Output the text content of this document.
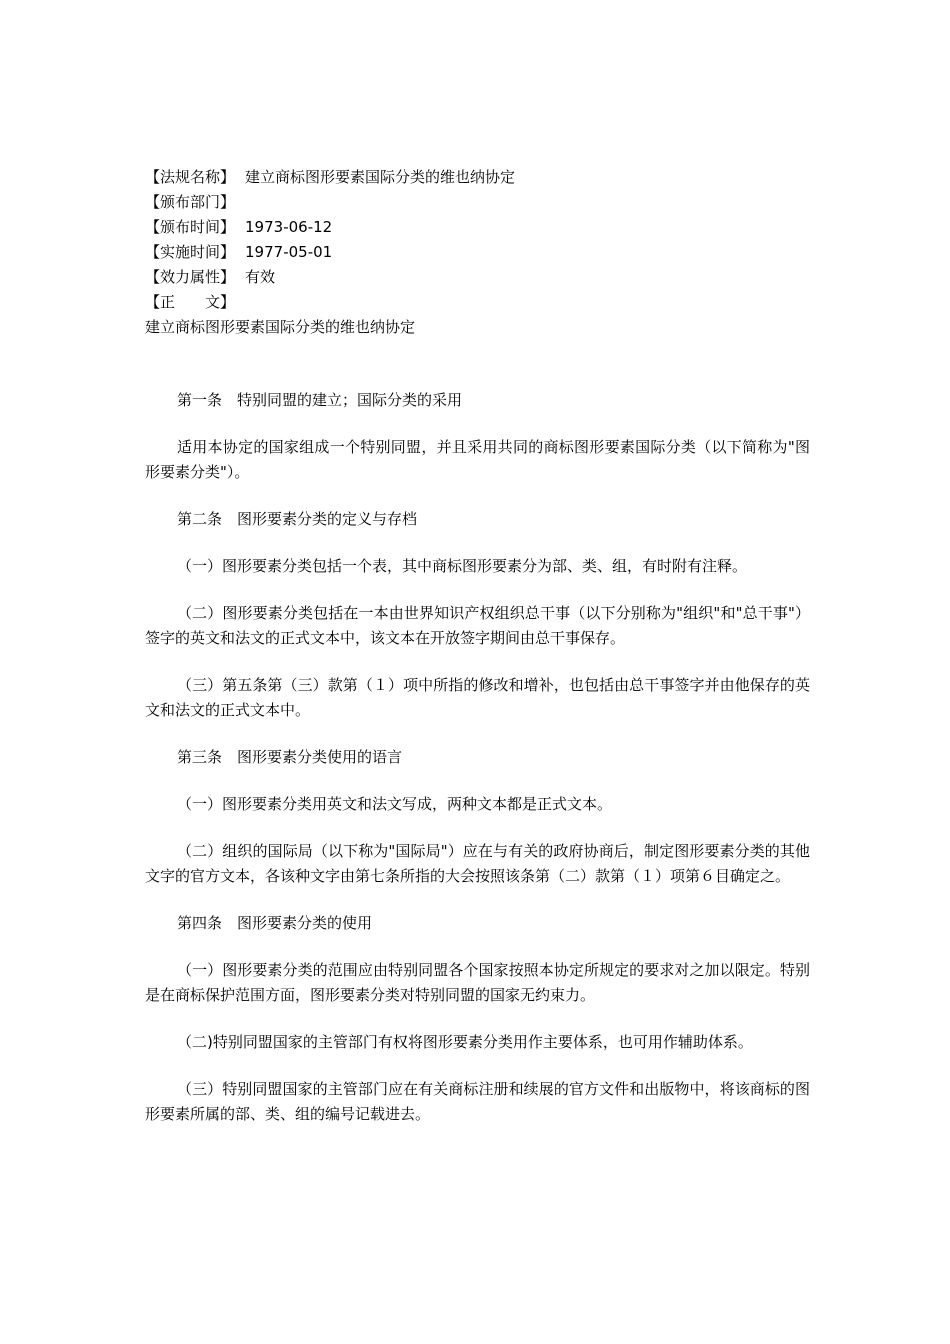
【法规名称】 建立商标图形要素国际分类的维也纳协定
【颁布部门】
【颁布时间】 1973-06-12
【实施时间】 1977-05-01
【效力属性】 有效
【正　　文】
建立商标图形要素国际分类的维也纳协定

第一条　特别同盟的建立；国际分类的采用

适用本协定的国家组成一个特别同盟，并且采用共同的商标图形要素国际分类（以下简称为"图形要素分类"）。

第二条　图形要素分类的定义与存档

（一）图形要素分类包括一个表，其中商标图形要素分为部、类、组，有时附有注释。

（二）图形要素分类包括在一本由世界知识产权组织总干事（以下分别称为"组织"和"总干事"）签字的英文和法文的正式文本中，该文本在开放签字期间由总干事保存。

（三）第五条第（三）款第（１）项中所指的修改和增补，也包括由总干事签字并由他保存的英文和法文的正式文本中。

第三条　图形要素分类使用的语言

（一）图形要素分类用英文和法文写成，两种文本都是正式文本。

（二）组织的国际局（以下称为"国际局"）应在与有关的政府协商后，制定图形要素分类的其他文字的官方文本，各该种文字由第七条所指的大会按照该条第（二）款第（１）项第６目确定之。

第四条　图形要素分类的使用

（一）图形要素分类的范围应由特别同盟各个国家按照本协定所规定的要求对之加以限定。特别是在商标保护范围方面，图形要素分类对特别同盟的国家无约束力。

（二)特别同盟国家的主管部门有权将图形要素分类用作主要体系，也可用作辅助体系。

（三）特别同盟国家的主管部门应在有关商标注册和续展的官方文件和出版物中，将该商标的图形要素所属的部、类、组的编号记载进去。
